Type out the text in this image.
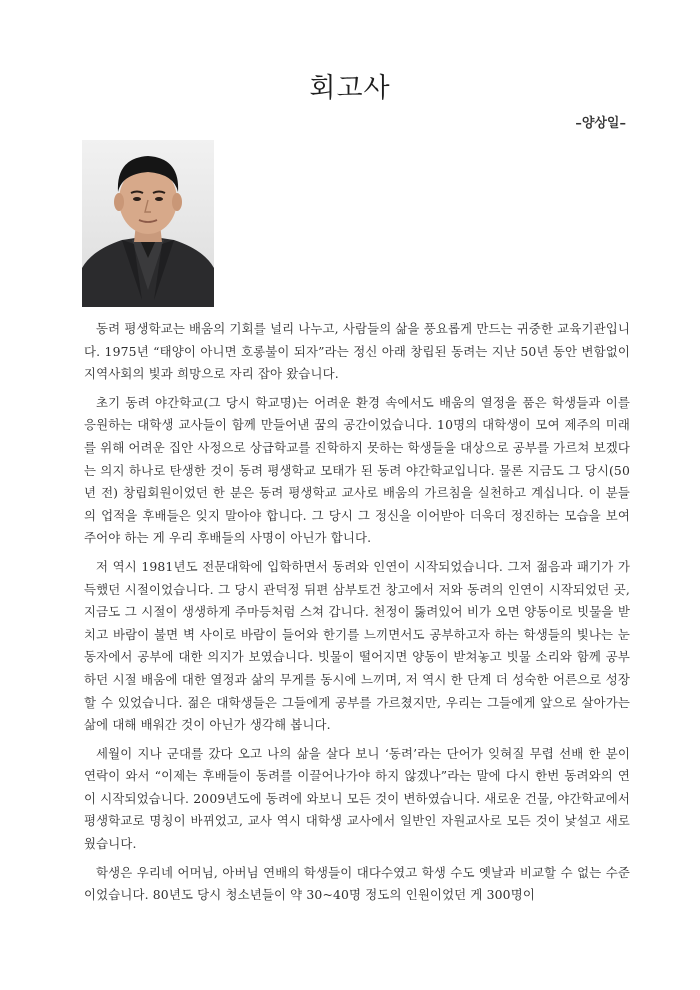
회고사
–양상일–

동려 평생학교는 배움의 기회를 널리 나누고, 사람들의 삶을 풍요롭게 만드는 귀중한 교육기관입니다. 1975년 “태양이 아니면 호롱불이 되자”라는 정신 아래 창립된 동려는 지난 50년 동안 변함없이 지역사회의 빛과 희망으로 자리 잡아 왔습니다.

초기 동려 야간학교(그 당시 학교명)는 어려운 환경 속에서도 배움의 열정을 품은 학생들과 이를 응원하는 대학생 교사들이 함께 만들어낸 꿈의 공간이었습니다. 10명의 대학생이 모여 제주의 미래를 위해 어려운 집안 사정으로 상급학교를 진학하지 못하는 학생들을 대상으로 공부를 가르쳐 보겠다는 의지 하나로 탄생한 것이 동려 평생학교 모태가 된 동려 야간학교입니다. 물론 지금도 그 당시(50년 전) 창립회원이었던 한 분은 동려 평생학교 교사로 배움의 가르침을 실천하고 계십니다. 이 분들의 업적을 후배들은 잊지 말아야 합니다. 그 당시 그 정신을 이어받아 더욱더 정진하는 모습을 보여 주어야 하는 게 우리 후배들의 사명이 아닌가 합니다.

저 역시 1981년도 전문대학에 입학하면서 동려와 인연이 시작되었습니다. 그저 젊음과 패기가 가득했던 시절이었습니다. 그 당시 관덕정 뒤편 삼부토건 창고에서 저와 동려의 인연이 시작되었던 곳, 지금도 그 시절이 생생하게 주마등처럼 스쳐 갑니다. 천정이 뚫려있어 비가 오면 양동이로 빗물을 받치고 바람이 불면 벽 사이로 바람이 들어와 한기를 느끼면서도 공부하고자 하는 학생들의 빛나는 눈동자에서 공부에 대한 의지가 보였습니다. 빗물이 떨어지면 양동이 받쳐놓고 빗물 소리와 함께 공부하던 시절 배움에 대한 열정과 삶의 무게를 동시에 느끼며, 저 역시 한 단계 더 성숙한 어른으로 성장할 수 있었습니다. 젊은 대학생들은 그들에게 공부를 가르쳤지만, 우리는 그들에게 앞으로 살아가는 삶에 대해 배워간 것이 아닌가 생각해 봅니다.

세월이 지나 군대를 갔다 오고 나의 삶을 살다 보니 ‘동려’라는 단어가 잊혀질 무렵 선배 한 분이 연락이 와서 “이제는 후배들이 동려를 이끌어나가야 하지 않겠나”라는 말에 다시 한번 동려와의 연이 시작되었습니다. 2009년도에 동려에 와보니 모든 것이 변하였습니다. 새로운 건물, 야간학교에서 평생학교로 명칭이 바뀌었고, 교사 역시 대학생 교사에서 일반인 자원교사로 모든 것이 낯설고 새로웠습니다.

학생은 우리네 어머님, 아버님 연배의 학생들이 대다수였고 학생 수도 옛날과 비교할 수 없는 수준이었습니다. 80년도 당시 청소년들이 약 30~40명 정도의 인원이었던 게 300명이
